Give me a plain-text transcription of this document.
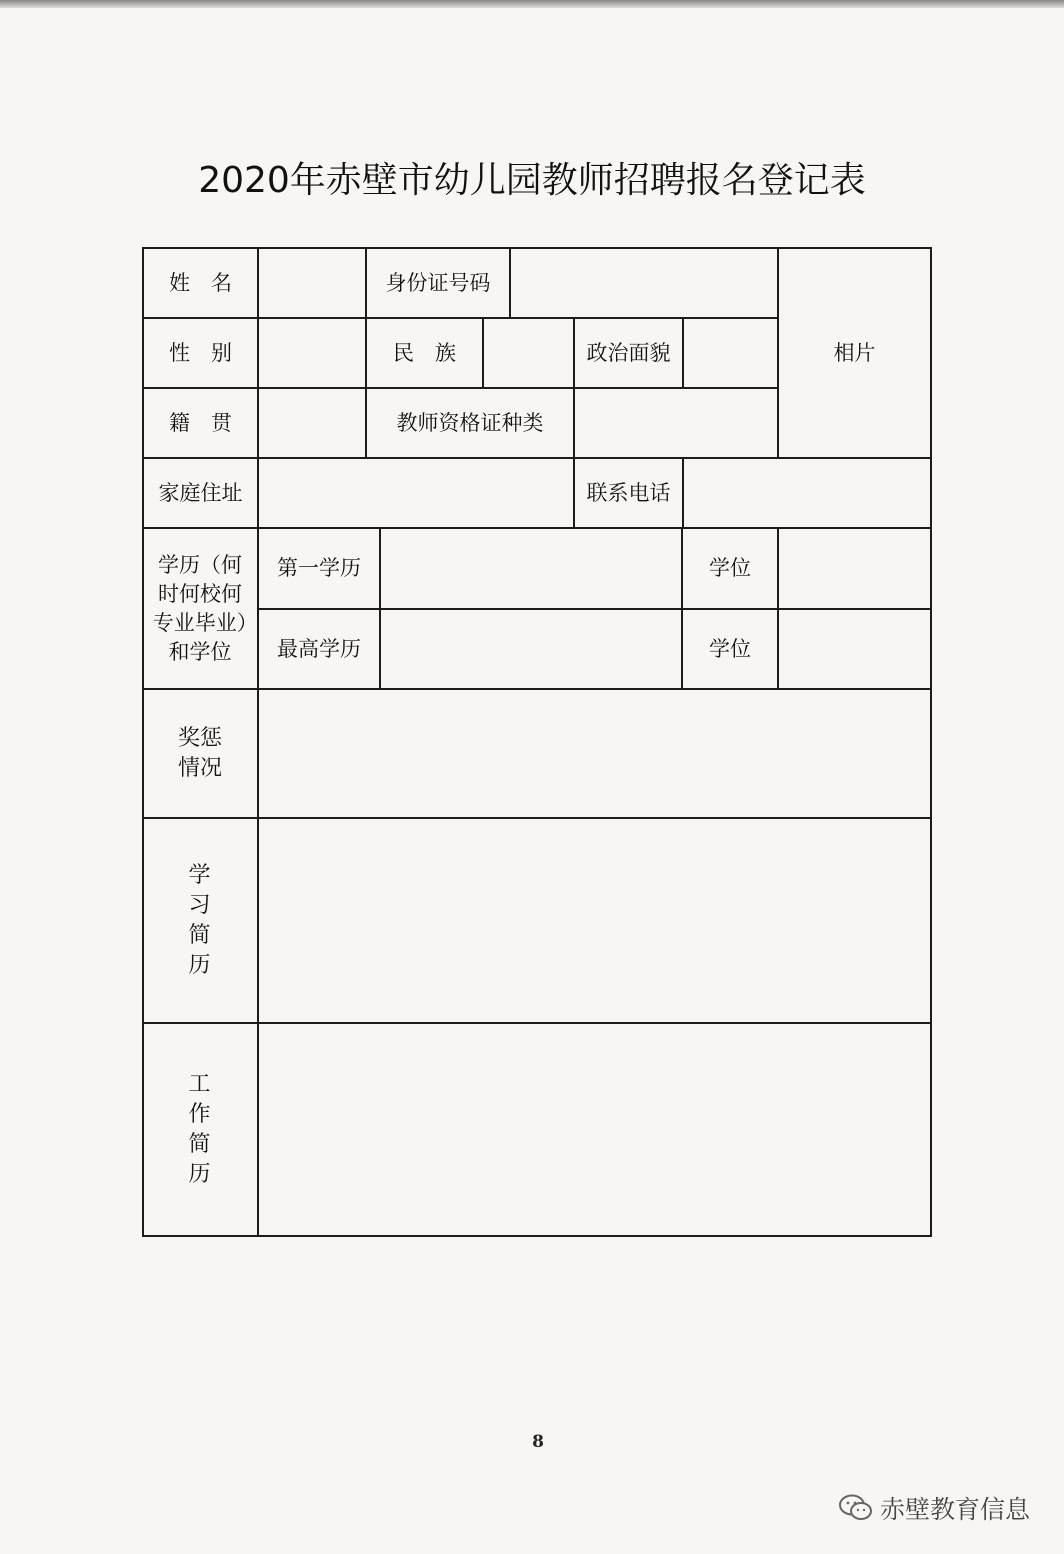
2020年赤壁市幼儿园教师招聘报名登记表
姓　名	身份证号码
相片
性　别	民　族	政治面貌
籍　贯	教师资格证种类
家庭住址	联系电话
学历（何时何校何专业毕业）和学位
第一学历	学位
最高学历	学位
奖惩情况
学习简历
工作简历
8
赤壁教育信息
